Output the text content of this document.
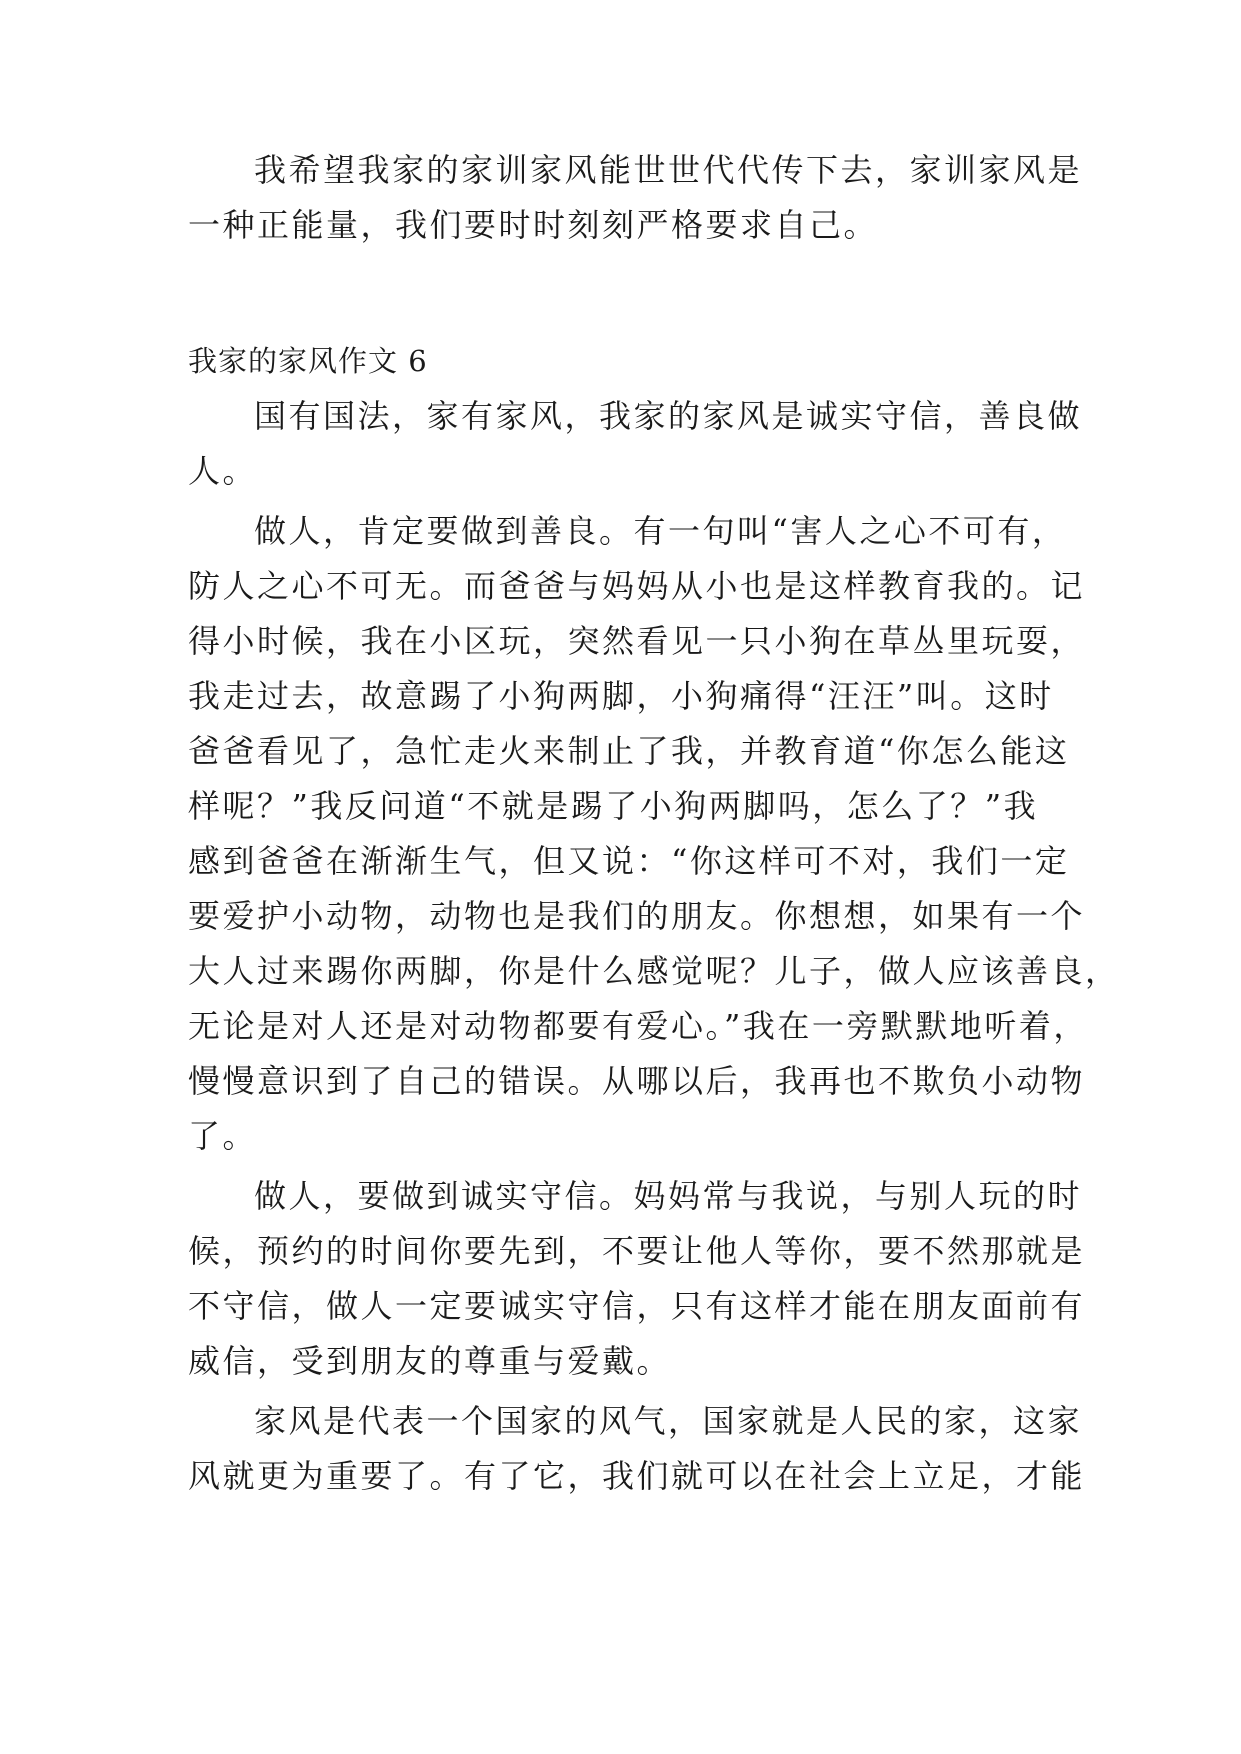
我希望我家的家训家风能世世代代传下去，家训家风是
一种正能量，我们要时时刻刻严格要求自己。
我家的家风作文 6
国有国法，家有家风，我家的家风是诚实守信，善良做
人。
做人，肯定要做到善良。有一句叫“害人之心不可有，
防人之心不可无。而爸爸与妈妈从小也是这样教育我的。记
得小时候，我在小区玩，突然看见一只小狗在草丛里玩耍，
我走过去，故意踢了小狗两脚，小狗痛得“汪汪”叫。这时
爸爸看见了，急忙走火来制止了我，并教育道“你怎么能这
样呢？”我反问道“不就是踢了小狗两脚吗，怎么了？”我
感到爸爸在渐渐生气，但又说：“你这样可不对，我们一定
要爱护小动物，动物也是我们的朋友。你想想，如果有一个
大人过来踢你两脚，你是什么感觉呢？儿子，做人应该善良，
无论是对人还是对动物都要有爱心。”我在一旁默默地听着，
慢慢意识到了自己的错误。从哪以后，我再也不欺负小动物
了。
做人，要做到诚实守信。妈妈常与我说，与别人玩的时
候，预约的时间你要先到，不要让他人等你，要不然那就是
不守信，做人一定要诚实守信，只有这样才能在朋友面前有
威信，受到朋友的尊重与爱戴。
家风是代表一个国家的风气，国家就是人民的家，这家
风就更为重要了。有了它，我们就可以在社会上立足，才能
